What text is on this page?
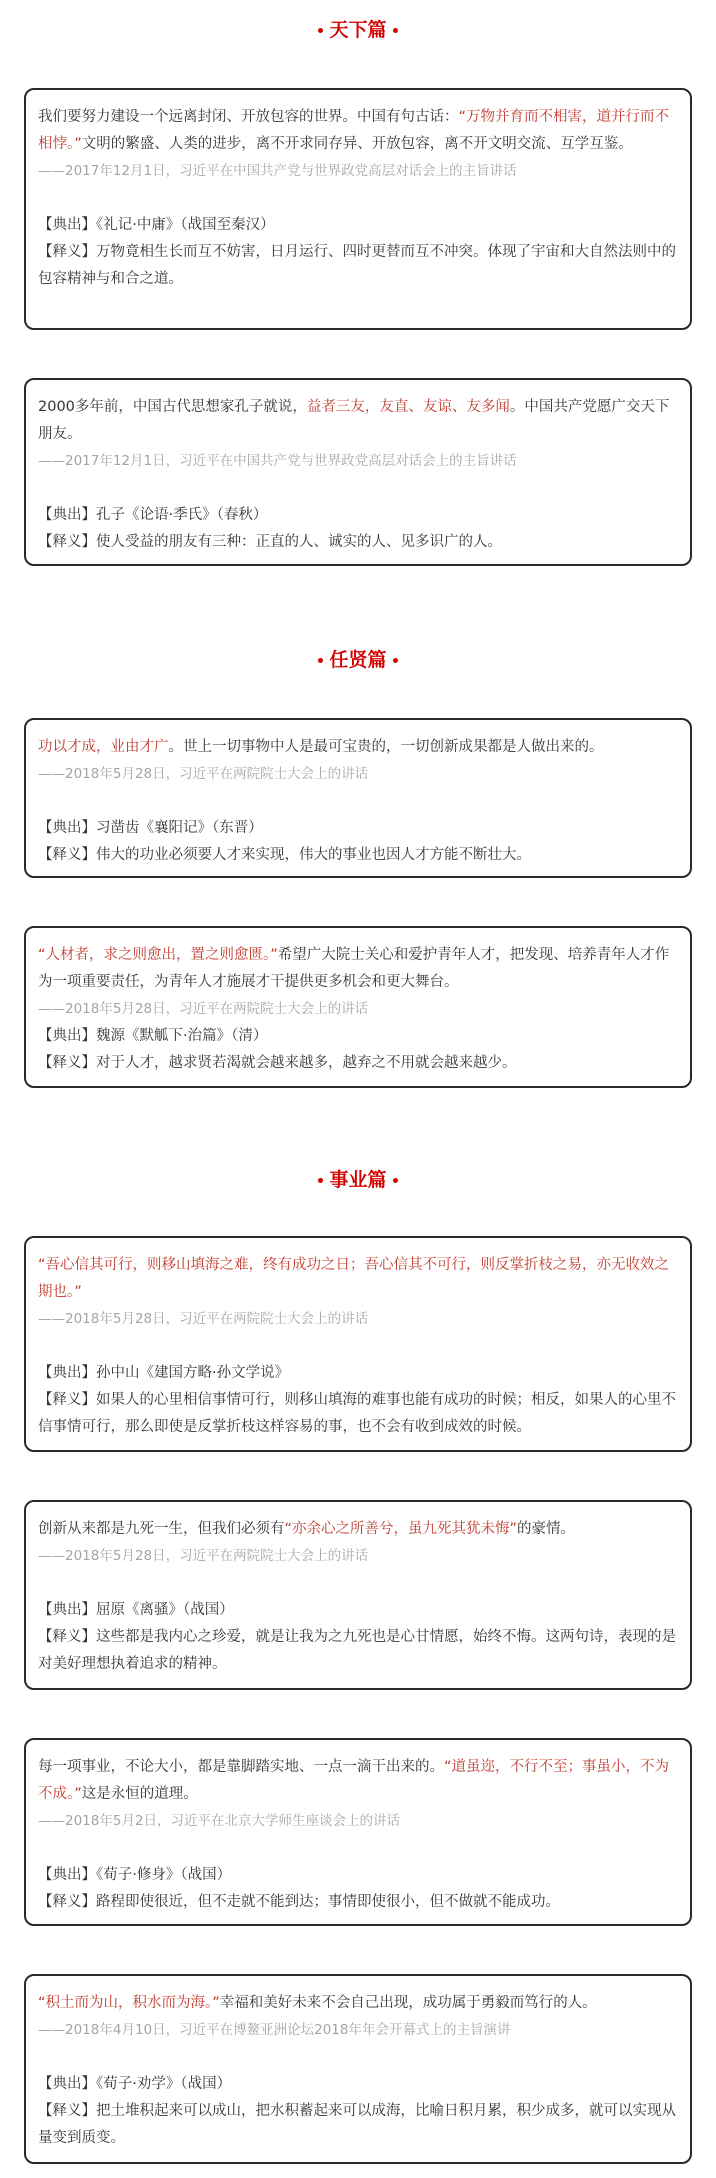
天下篇

我们要努力建设一个远离封闭、开放包容的世界。中国有句古话：“万物并育而不相害，道并行而不相悖。”文明的繁盛、人类的进步，离不开求同存异、开放包容，离不开文明交流、互学互鉴。

——2017年12月1日，习近平在中国共产党与世界政党高层对话会上的主旨讲话

【典出】《礼记·中庸》（战国至秦汉）

【释义】万物竟相生长而互不妨害，日月运行、四时更替而互不冲突。体现了宇宙和大自然法则中的包容精神与和合之道。

2000多年前，中国古代思想家孔子就说，益者三友，友直、友谅、友多闻。中国共产党愿广交天下朋友。

——2017年12月1日，习近平在中国共产党与世界政党高层对话会上的主旨讲话

【典出】孔子《论语·季氏》（春秋）

【释义】使人受益的朋友有三种：正直的人、诚实的人、见多识广的人。

任贤篇

功以才成，业由才广。世上一切事物中人是最可宝贵的，一切创新成果都是人做出来的。

——2018年5月28日，习近平在两院院士大会上的讲话

【典出】习凿齿《襄阳记》（东晋）

【释义】伟大的功业必须要人才来实现，伟大的事业也因人才方能不断壮大。

“人材者，求之则愈出，置之则愈匮。”希望广大院士关心和爱护青年人才，把发现、培养青年人才作为一项重要责任，为青年人才施展才干提供更多机会和更大舞台。

——2018年5月28日，习近平在两院院士大会上的讲话

【典出】魏源《默觚下·治篇》（清）

【释义】对于人才，越求贤若渴就会越来越多，越弃之不用就会越来越少。

事业篇

“吾心信其可行，则移山填海之难，终有成功之日；吾心信其不可行，则反掌折枝之易，亦无收效之期也。”

——2018年5月28日，习近平在两院院士大会上的讲话

【典出】孙中山《建国方略·孙文学说》

【释义】如果人的心里相信事情可行，则移山填海的难事也能有成功的时候；相反，如果人的心里不信事情可行，那么即使是反掌折枝这样容易的事，也不会有收到成效的时候。

创新从来都是九死一生，但我们必须有“亦余心之所善兮，虽九死其犹未悔”的豪情。

——2018年5月28日，习近平在两院院士大会上的讲话

【典出】屈原《离骚》（战国）

【释义】这些都是我内心之珍爱，就是让我为之九死也是心甘情愿，始终不悔。这两句诗，表现的是对美好理想执着追求的精神。

每一项事业，不论大小，都是靠脚踏实地、一点一滴干出来的。“道虽迩，不行不至；事虽小，不为不成。”这是永恒的道理。

——2018年5月2日，习近平在北京大学师生座谈会上的讲话

【典出】《荀子·修身》（战国）

【释义】路程即使很近，但不走就不能到达；事情即使很小，但不做就不能成功。

“积土而为山，积水而为海。”幸福和美好未来不会自己出现，成功属于勇毅而笃行的人。

——2018年4月10日，习近平在博鳌亚洲论坛2018年年会开幕式上的主旨演讲

【典出】《荀子·劝学》（战国）

【释义】把土堆积起来可以成山，把水积蓄起来可以成海，比喻日积月累，积少成多，就可以实现从量变到质变。
